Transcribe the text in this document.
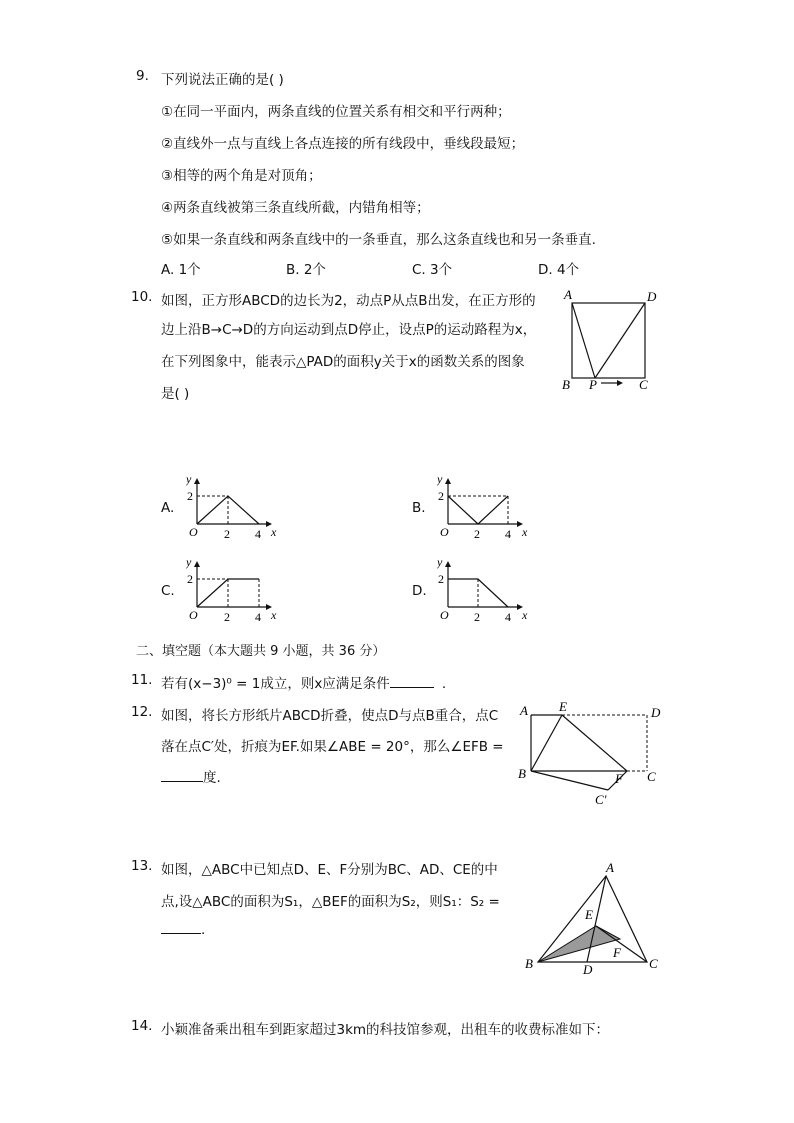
9. 下列说法正确的是( )
①在同一平面内，两条直线的位置关系有相交和平行两种；
②直线外一点与直线上各点连接的所有线段中，垂线段最短；
③相等的两个角是对顶角；
④两条直线被第三条直线所截，内错角相等；
⑤如果一条直线和两条直线中的一条垂直，那么这条直线也和另一条垂直.
A. 1个	B. 2个	C. 3个	D. 4个
10. 如图，正方形ABCD的边长为2，动点P从点B出发，在正方形的
边上沿B→C→D的方向运动到点D停止，设点P的运动路程为x，
在下列图象中，能表示△PAD的面积y关于x的函数关系的图象
是( )
A	D
B P	C
A.
y
2
O 2 4 x
B.
y
2
O 2 4 x
C.
y
2
O 2 4 x
D.
y
2
O 2 4 x
二、填空题（本大题共 9 小题，共 36 分）
11. 若有(x−3)⁰ = 1成立，则x应满足条件	.
12. 如图，将长方形纸片ABCD折叠，使点D与点B重合，点C
落在点C′处，折痕为EF.如果∠ABE = 20°，那么∠EFB =
度.
A E	D
B	F C
C′
13. 如图，△ABC中已知点D、E、F分别为BC、AD、CE的中
点,设△ABC的面积为S₁，△BEF的面积为S₂，则S₁：S₂ =
.
A
E
F
B	D	C
14. 小颖准备乘出租车到距家超过3km的科技馆参观，出租车的收费标准如下：
